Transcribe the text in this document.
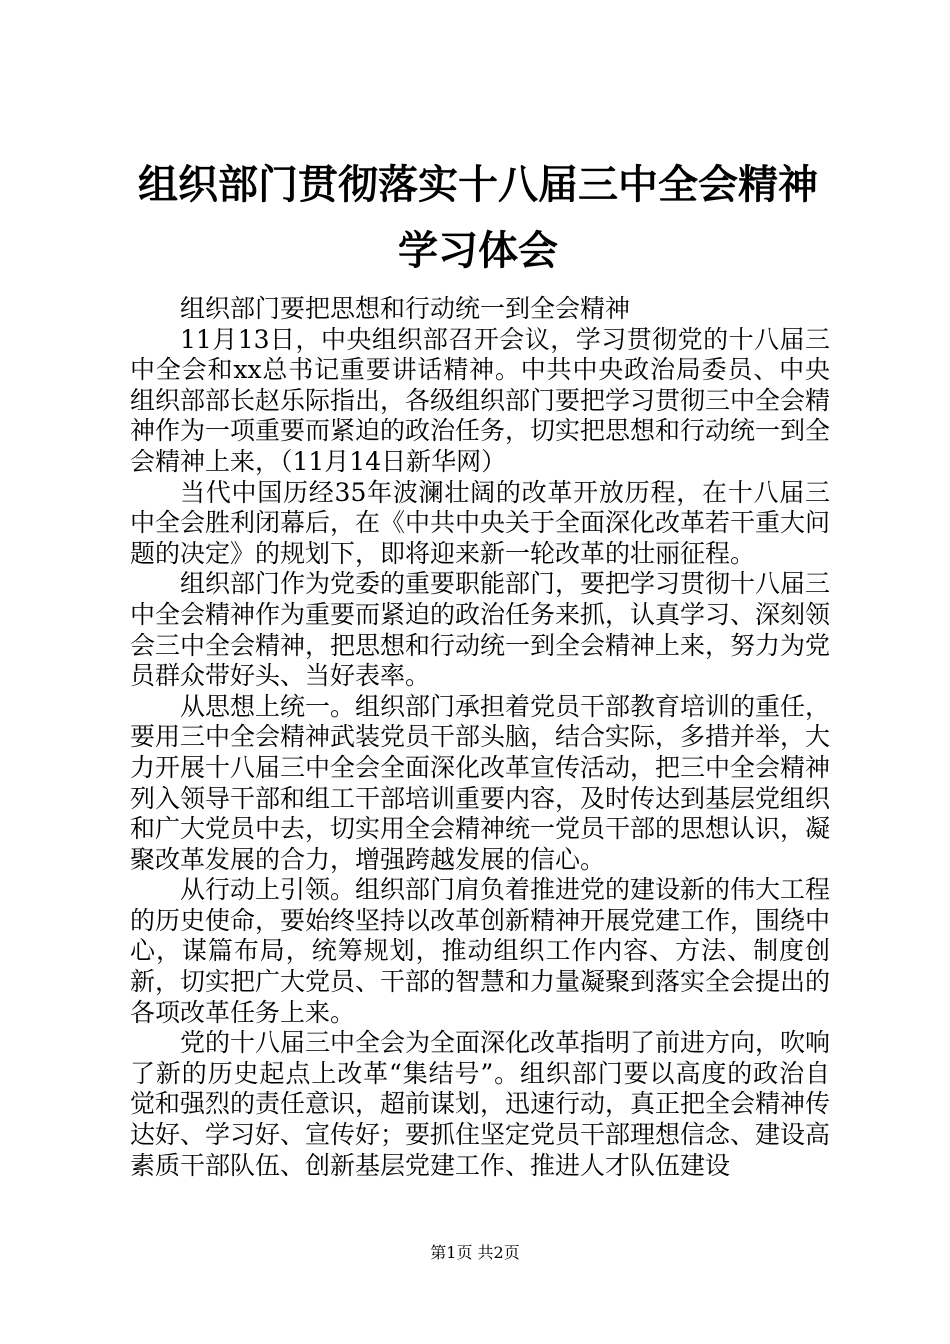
组织部门贯彻落实十八届三中全会精神学习体会

组织部门要把思想和行动统一到全会精神

11月13日，中央组织部召开会议，学习贯彻党的十八届三中全会和xx总书记重要讲话精神。中共中央政治局委员、中央组织部部长赵乐际指出，各级组织部门要把学习贯彻三中全会精神作为一项重要而紧迫的政治任务，切实把思想和行动统一到全会精神上来，（11月14日新华网）

当代中国历经35年波澜壮阔的改革开放历程，在十八届三中全会胜利闭幕后，在《中共中央关于全面深化改革若干重大问题的决定》的规划下，即将迎来新一轮改革的壮丽征程。

组织部门作为党委的重要职能部门，要把学习贯彻十八届三中全会精神作为重要而紧迫的政治任务来抓，认真学习、深刻领会三中全会精神，把思想和行动统一到全会精神上来，努力为党员群众带好头、当好表率。

从思想上统一。组织部门承担着党员干部教育培训的重任，要用三中全会精神武装党员干部头脑，结合实际，多措并举，大力开展十八届三中全会全面深化改革宣传活动，把三中全会精神列入领导干部和组工干部培训重要内容，及时传达到基层党组织和广大党员中去，切实用全会精神统一党员干部的思想认识，凝聚改革发展的合力，增强跨越发展的信心。

从行动上引领。组织部门肩负着推进党的建设新的伟大工程的历史使命，要始终坚持以改革创新精神开展党建工作，围绕中心，谋篇布局，统筹规划，推动组织工作内容、方法、制度创新，切实把广大党员、干部的智慧和力量凝聚到落实全会提出的各项改革任务上来。

党的十八届三中全会为全面深化改革指明了前进方向，吹响了新的历史起点上改革“集结号”。组织部门要以高度的政治自觉和强烈的责任意识，超前谋划，迅速行动，真正把全会精神传达好、学习好、宣传好；要抓住坚定党员干部理想信念、建设高素质干部队伍、创新基层党建工作、推进人才队伍建设

第1页 共2页
